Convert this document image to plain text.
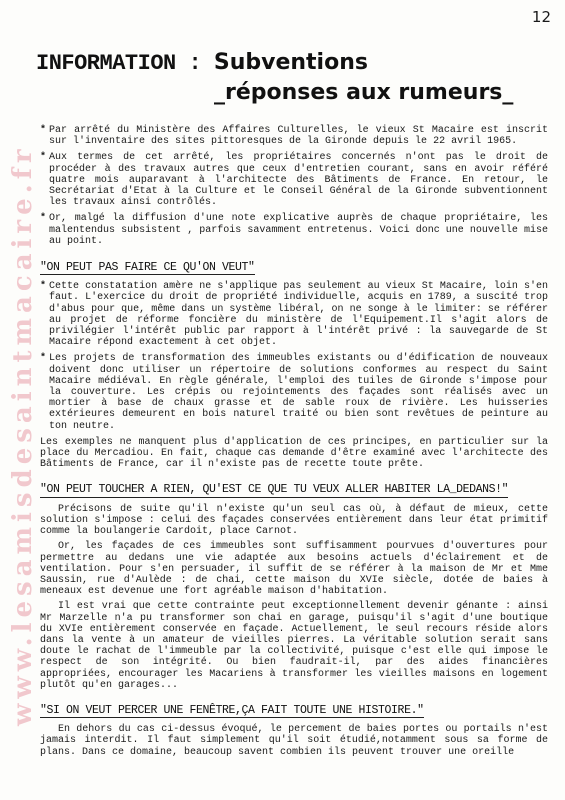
12
www.lesamisdesaintmacaire.fr
INFORMATION : Subventions
_réponses aux rumeurs_
* Par arrêté du Ministère des Affaires Culturelles, le vieux St Macaire est inscrit sur l'inventaire des sites pittoresques de la Gironde depuis le 22 avril 1965.
* Aux termes de cet arrêté, les propriétaires concernés n'ont pas le droit de procéder à des travaux autres que ceux d'entretien courant, sans en avoir référé quatre mois auparavant à l'architecte des Bâtiments de France. En retour, le Secrétariat d'Etat à la Culture et le Conseil Général de la Gironde subventionnent les travaux ainsi contrôlés.
* Or, malgé la diffusion d'une note explicative auprès de chaque propriétaire, les malentendus subsistent , parfois savamment entretenus. Voici donc une nouvelle mise au point.
"ON PEUT PAS FAIRE CE QU'ON VEUT"
* Cette constatation amère ne s'applique pas seulement au vieux St Macaire, loin s'en faut. L'exercice du droit de propriété individuelle, acquis en 1789, a suscité trop d'abus pour que, même dans un système libéral, on ne songe à le limiter: se référer au projet de réforme foncière du ministère de l'Equipement.Il s'agit alors de privilégier l'intérêt public par rapport à l'intérêt privé : la sauvegarde de St Macaire répond exactement à cet objet.
* Les projets de transformation des immeubles existants ou d'édification de nouveaux doivent donc utiliser un répertoire de solutions conformes au respect du Saint Macaire médiéval. En règle générale, l'emploi des tuiles de Gironde s'impose pour la couverture. Les crépis ou rejointements des façades sont réalisés avec un mortier à base de chaux grasse et de sable roux de rivière. Les huisseries extérieures demeurent en bois naturel traité ou bien sont revêtues de peinture au ton neutre.
Les exemples ne manquent plus d'application de ces principes, en particulier sur la place du Mercadiou. En fait, chaque cas demande d'être examiné avec l'architecte des Bâtiments de France, car il n'existe pas de recette toute prête.
"ON PEUT TOUCHER A RIEN, QU'EST CE QUE TU VEUX ALLER HABITER LA_DEDANS!"
Précisons de suite qu'il n'existe qu'un seul cas où, à défaut de mieux, cette solution s'impose : celui des façades conservées entièrement dans leur état primitif comme la boulangerie Cardoit, place Carnot.
Or, les façades de ces immeubles sont suffisamment pourvues d'ouvertures pour permettre au dedans une vie adaptée aux besoins actuels d'éclairement et de ventilation. Pour s'en persuader, il suffit de se référer à la maison de Mr et Mme Saussin, rue d'Aulède : de chai, cette maison du XVIe siècle, dotée de baies à meneaux est devenue une fort agréable maison d'habitation.
Il est vrai que cette contrainte peut exceptionnellement devenir génante : ainsi Mr Marzelle n'a pu transformer son chai en garage, puisqu'il s'agit d'une boutique du XVIe entièrement conservée en façade. Actuellement, le seul recours réside alors dans la vente à un amateur de vieilles pierres. La véritable solution serait sans doute le rachat de l'immeuble par la collectivité, puisque c'est elle qui impose le respect de son intégrité. Ou bien faudrait-il, par des aides financières appropriées, encourager les Macariens à transformer les vieilles maisons en logement plutôt qu'en garages...
"SI ON VEUT PERCER UNE FENÊTRE,ÇA FAIT TOUTE UNE HISTOIRE."
En dehors du cas ci-dessus évoqué, le percement de baies portes ou portails n'est jamais interdit. Il faut simplement qu'il soit étudié,notamment sous sa forme de plans. Dans ce domaine, beaucoup savent combien ils peuvent trouver une oreille
